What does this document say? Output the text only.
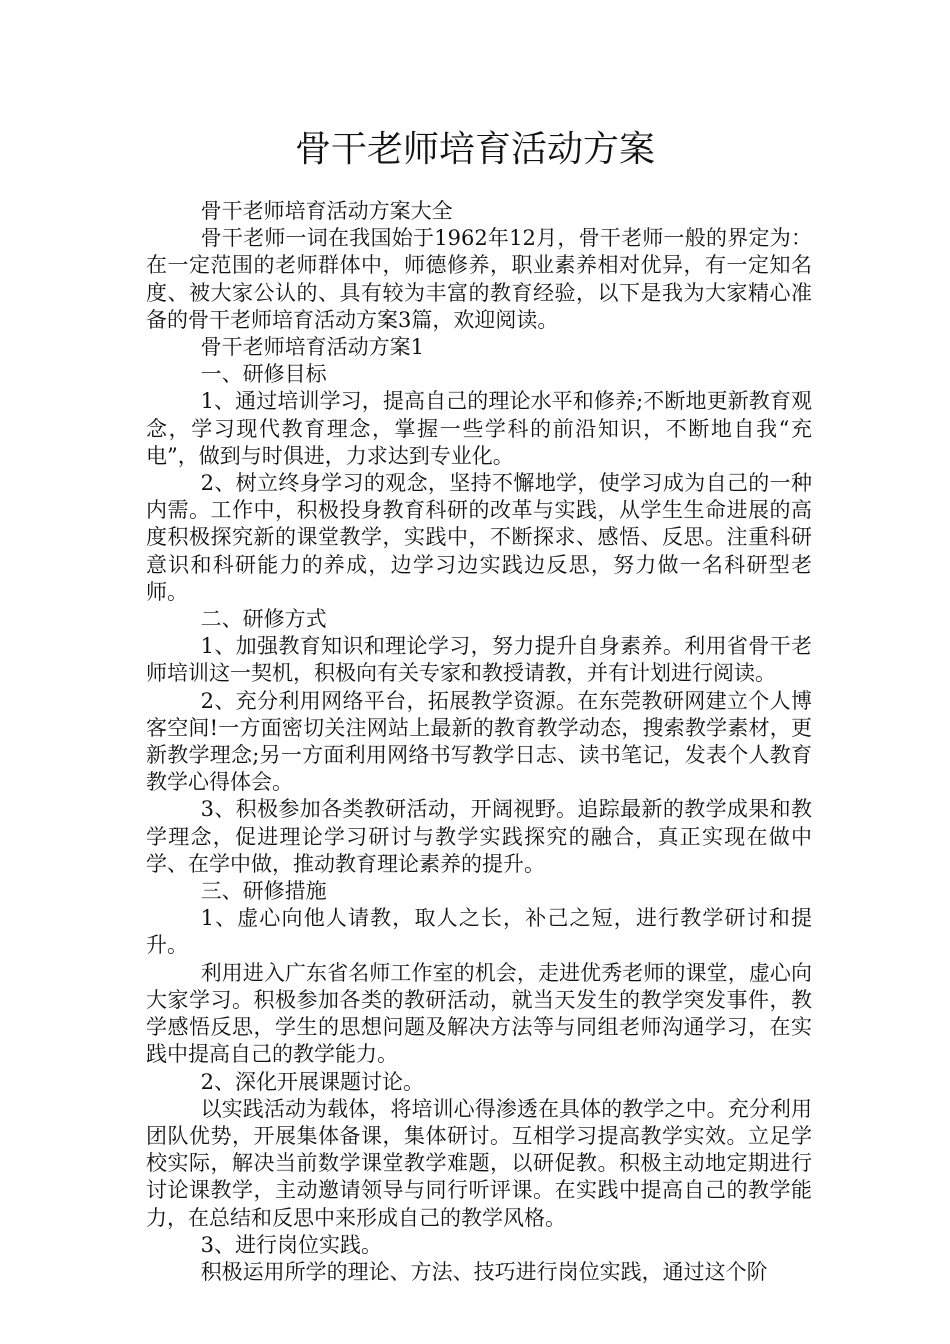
骨干老师培育活动方案

骨干老师培育活动方案大全

骨干老师一词在我国始于1962年12月，骨干老师一般的界定为：在一定范围的老师群体中，师德修养，职业素养相对优异，有一定知名度、被大家公认的、具有较为丰富的教育经验，以下是我为大家精心准备的骨干老师培育活动方案3篇，欢迎阅读。

骨干老师培育活动方案1

一、研修目标

1、通过培训学习，提高自己的理论水平和修养;不断地更新教育观念，学习现代教育理念，掌握一些学科的前沿知识，不断地自我“充电”，做到与时俱进，力求达到专业化。

2、树立终身学习的观念，坚持不懈地学，使学习成为自己的一种内需。工作中，积极投身教育科研的改革与实践，从学生生命进展的高度积极探究新的课堂教学，实践中，不断探求、感悟、反思。注重科研意识和科研能力的养成，边学习边实践边反思，努力做一名科研型老师。

二、研修方式

1、加强教育知识和理论学习，努力提升自身素养。利用省骨干老师培训这一契机，积极向有关专家和教授请教，并有计划进行阅读。

2、充分利用网络平台，拓展教学资源。在东莞教研网建立个人博客空间!一方面密切关注网站上最新的教育教学动态，搜索教学素材，更新教学理念;另一方面利用网络书写教学日志、读书笔记，发表个人教育教学心得体会。

3、积极参加各类教研活动，开阔视野。追踪最新的教学成果和教学理念，促进理论学习研讨与教学实践探究的融合，真正实现在做中学、在学中做，推动教育理论素养的提升。

三、研修措施

1、虚心向他人请教，取人之长，补己之短，进行教学研讨和提升。

利用进入广东省名师工作室的机会，走进优秀老师的课堂，虚心向大家学习。积极参加各类的教研活动，就当天发生的教学突发事件，教学感悟反思，学生的思想问题及解决方法等与同组老师沟通学习，在实践中提高自己的教学能力。

2、深化开展课题讨论。

以实践活动为载体，将培训心得渗透在具体的教学之中。充分利用团队优势，开展集体备课，集体研讨。互相学习提高教学实效。立足学校实际，解决当前数学课堂教学难题，以研促教。积极主动地定期进行讨论课教学，主动邀请领导与同行听评课。在实践中提高自己的教学能力，在总结和反思中来形成自己的教学风格。

3、进行岗位实践。

积极运用所学的理论、方法、技巧进行岗位实践，通过这个阶
